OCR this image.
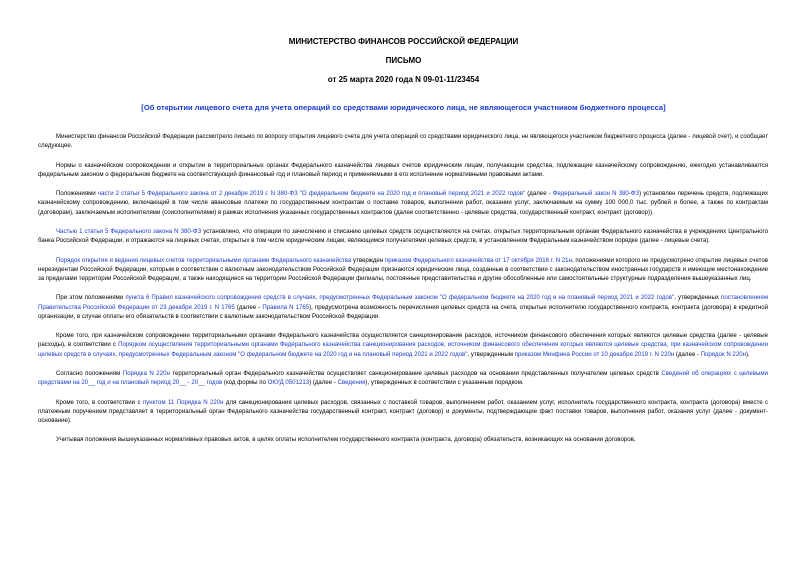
МИНИСТЕРСТВО ФИНАНСОВ РОССИЙСКОЙ ФЕДЕРАЦИИ
ПИСЬМО
от 25 марта 2020 года N 09-01-11/23454
[Об открытии лицевого счета для учета операций со средствами юридического лица, не являющегося участником бюджетного процесса]

Министерство финансов Российской Федерации рассмотрело письмо по вопросу открытия лицевого счета для учета операций со средствами юридического лица, не являющегося участником бюджетного процесса (далее - лицевой счет), и сообщает следующее.

Нормы о казначейском сопровождении и открытии в территориальных органах Федерального казначейства лицевых счетов юридическим лицам, получающим средства, подлежащие казначейскому сопровождению, ежегодно устанавливаются федеральным законом о федеральном бюджете на соответствующий финансовый год и плановый период и применяемыми в его исполнение нормативными правовыми актами.

Положениями части 2 статьи 5 Федерального закона от 2 декабря 2019 г. N 380-ФЗ "О федеральном бюджете на 2020 год и плановый период 2021 и 2022 годов" (далее - Федеральный закон N 380-ФЗ) установлен перечень средств, подлежащих казначейскому сопровождению, включающий в том числе авансовые платежи по государственным контрактам о поставке товаров, выполнении работ, оказании услуг, заключаемым на сумму 100 000,0 тыс. рублей и более, а также по контрактам (договорам), заключаемым исполнителями (соисполнителями) в рамках исполнения указанных государственных контрактов (далее соответственно - целевые средства, государственный контракт, контракт (договор)).

Частью 1 статьи 5 Федерального закона N 380-ФЗ установлено, что операции по зачислению и списанию целевых средств осуществляются на счетах, открытых территориальным органам Федерального казначейства в учреждениях Центрального банка Российской Федерации, и отражаются на лицевых счетах, открытых в том числе юридическим лицам, являющимся получателями целевых средств, в установленном Федеральным казначейством порядке (далее - лицевые счета).

Порядок открытия и ведения лицевых счетов территориальными органами Федерального казначейства утвержден приказом Федерального казначейства от 17 октября 2016 г. N 21н, положениями которого не предусмотрено открытие лицевых счетов нерезидентам Российской Федерации, которым в соответствии с валютным законодательством Российской Федерации признаются юридические лица, созданные в соответствии с законодательством иностранных государств и имеющие местонахождение за пределами территории Российской Федерации, а также находящиеся на территории Российской Федерации филиалы, постоянные представительства и другие обособленные или самостоятельные структурные подразделения вышеуказанных лиц.

При этом положениями пункта 6 Правил казначейского сопровождения средств в случаях, предусмотренных Федеральным законом "О федеральном бюджете на 2020 год и на плановый период 2021 и 2022 годов", утвержденных постановлением Правительства Российской Федерации от 23 декабря 2019 г. N 1765 (далее - Правила N 1765), предусмотрена возможность перечисления целевых средств на счета, открытые исполнителю государственного контракта, контракта (договора) в кредитной организации, в случае оплаты его обязательств в соответствии с валютным законодательством Российской Федерации.

Кроме того, при казначейском сопровождении территориальными органами Федерального казначейства осуществляется санкционирование расходов, источником финансового обеспечения которых являются целевые средства (далее - целевые расходы), в соответствии с Порядком осуществления территориальными органами Федерального казначейства санкционирования расходов, источником финансового обеспечения которых являются целевые средства, при казначейском сопровождении целевых средств в случаях, предусмотренных Федеральным законом "О федеральном бюджете на 2020 год и на плановый период 2021 и 2022 годов", утвержденным приказом Минфина России от 10 декабря 2019 г. N 220н (далее - Порядок N 220н).

Согласно положениям Порядка N 220н территориальный орган Федерального казначейства осуществляет санкционирование целевых расходов на основании представленных получателем целевых средств Сведений об операциях с целевыми средствами на 20__ год и на плановый период 20__ - 20__ годов (код формы по ОКУД 0501213) (далее - Сведения), утвержденных в соответствии с указанным порядком.

Кроме того, в соответствии с пунктом 11 Порядка N 220н для санкционирования целевых расходов, связанных с поставкой товаров, выполнением работ, оказанием услуг, исполнитель государственного контракта, контракта (договора) вместе с платежным поручением представляет в территориальный орган Федерального казначейства государственный контракт, контракт (договор) и документы, подтверждающие факт поставки товаров, выполнения работ, оказания услуг (далее - документ-основание).

Учитывая положения вышеуказанных нормативных правовых актов, в целях оплаты исполнителем государственного контракта (контракта, договора) обязательств, возникающих на основании договоров,
